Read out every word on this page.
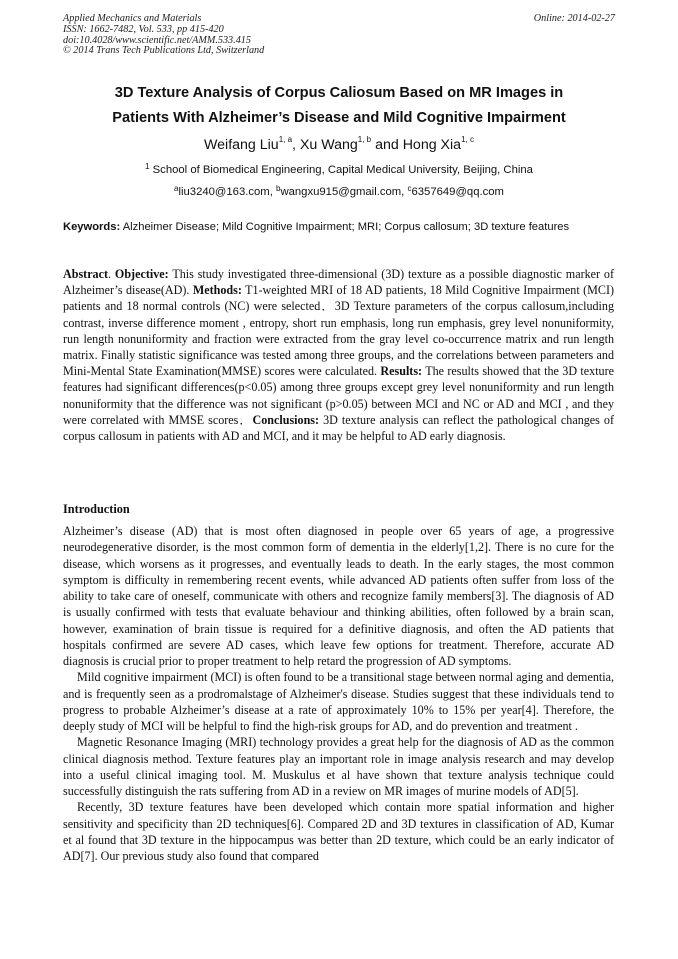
Applied Mechanics and Materials
ISSN: 1662-7482, Vol. 533, pp 415-420
doi:10.4028/www.scientific.net/AMM.533.415
© 2014 Trans Tech Publications Ltd, Switzerland
Online: 2014-02-27
3D Texture Analysis of Corpus Caliosum Based on MR Images in
Patients With Alzheimer’s Disease and Mild Cognitive Impairment
Weifang Liu$^{1, a}$, Xu Wang$^{1, b}$ and Hong Xia$^{1, c}$
$^1$ School of Biomedical Engineering, Capital Medical University, Beijing, China
$^a$liu3240@163.com, $^b$wangxu915@gmail.com, $^c$6357649@qq.com
Keywords: Alzheimer Disease; Mild Cognitive Impairment; MRI; Corpus callosum; 3D texture features
Abstract. Objective: This study investigated three-dimensional (3D) texture as a possible diagnostic marker of Alzheimer’s disease(AD). Methods: T1-weighted MRI of 18 AD patients, 18 Mild Cognitive Impairment (MCI) patients and 18 normal controls (NC) were selected．3D Texture parameters of the corpus callosum,including contrast, inverse difference moment , entropy, short run emphasis, long run emphasis, grey level nonuniformity, run length nonuniformity and fraction were extracted from the gray level co-occurrence matrix and run length matrix. Finally statistic significance was tested among three groups, and the correlations between parameters and Mini-Mental State Examination(MMSE) scores were calculated. Results: The results showed that the 3D texture features had significant differences(p<0.05) among three groups except grey level nonuniformity and run length nonuniformity that the difference was not significant (p>0.05) between MCI and NC or AD and MCI , and they were correlated with MMSE scores．Conclusions: 3D texture analysis can reflect the pathological changes of corpus callosum in patients with AD and MCI, and it may be helpful to AD early diagnosis.
Introduction

Alzheimer’s disease (AD) that is most often diagnosed in people over 65 years of age, a progressive neurodegenerative disorder, is the most common form of dementia in the elderly[1,2]. There is no cure for the disease, which worsens as it progresses, and eventually leads to death. In the early stages, the most common symptom is difficulty in remembering recent events, while advanced AD patients often suffer from loss of the ability to take care of oneself, communicate with others and recognize family members[3]. The diagnosis of AD is usually confirmed with tests that evaluate behaviour and thinking abilities, often followed by a brain scan, however, examination of brain tissue is required for a definitive diagnosis, and often the AD patients that hospitals confirmed are severe AD cases, which leave few options for treatment. Therefore, accurate AD diagnosis is crucial prior to proper treatment to help retard the progression of AD symptoms.

Mild cognitive impairment (MCI) is often found to be a transitional stage between normal aging and dementia, and is frequently seen as a prodromalstage of Alzheimer's disease. Studies suggest that these individuals tend to progress to probable Alzheimer’s disease at a rate of approximately 10% to 15% per year[4]. Therefore, the deeply study of MCI will be helpful to find the high-risk groups for AD, and do prevention and treatment .

Magnetic Resonance Imaging (MRI) technology provides a great help for the diagnosis of AD as the common clinical diagnosis method. Texture features play an important role in image analysis research and may develop into a useful clinical imaging tool. M. Muskulus et al have shown that texture analysis technique could successfully distinguish the rats suffering from AD in a review on MR images of murine models of AD[5].

Recently, 3D texture features have been developed which contain more spatial information and higher sensitivity and specificity than 2D techniques[6]. Compared 2D and 3D textures in classification of AD, Kumar et al found that 3D texture in the hippocampus was better than 2D texture, which could be an early indicator of AD[7]. Our previous study also found that compared
